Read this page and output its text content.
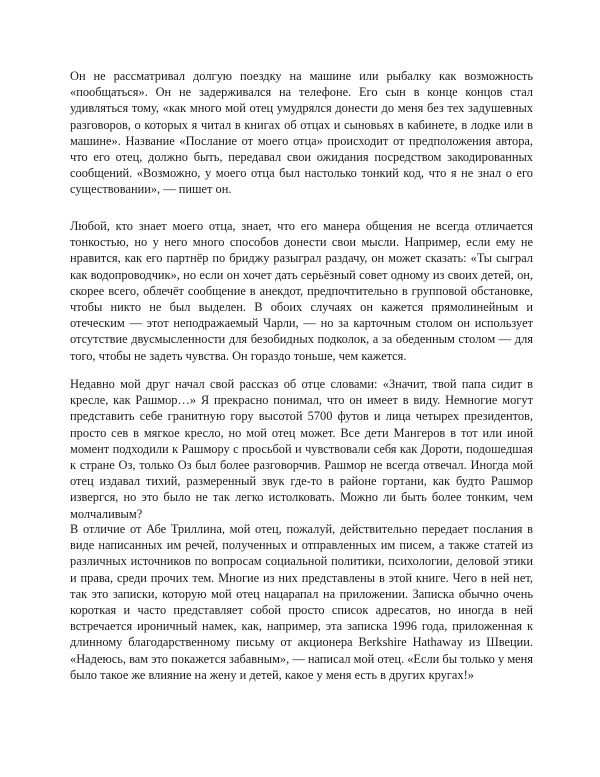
Он не рассматривал долгую поездку на машине или рыбалку как возможность «пообщаться». Он не задерживался на телефоне. Его сын в конце концов стал удивляться тому, «как много мой отец умудрялся донести до меня без тех задушевных разговоров, о которых я читал в книгах об отцах и сыновьях в кабинете, в лодке или в машине». Название «Послание от моего отца» происходит от предположения автора, что его отец, должно быть, передавал свои ожидания посредством закодированных сообщений. «Возможно, у моего отца был настолько тонкий код, что я не знал о его существовании», — пишет он.

Любой, кто знает моего отца, знает, что его манера общения не всегда отличается тонкостью, но у него много способов донести свои мысли. Например, если ему не нравится, как его партнёр по бриджу разыграл раздачу, он может сказать: «Ты сыграл как водопроводчик», но если он хочет дать серьёзный совет одному из своих детей, он, скорее всего, облечёт сообщение в анекдот, предпочтительно в групповой обстановке, чтобы никто не был выделен. В обоих случаях он кажется прямолинейным и отеческим — этот неподражаемый Чарли, — но за карточным столом он использует отсутствие двусмысленности для безобидных подколок, а за обеденным столом — для того, чтобы не задеть чувства. Он гораздо тоньше, чем кажется.

Недавно мой друг начал свой рассказ об отце словами: «Значит, твой папа сидит в кресле, как Рашмор…» Я прекрасно понимал, что он имеет в виду. Немногие могут представить себе гранитную гору высотой 5700 футов и лица четырех президентов, просто сев в мягкое кресло, но мой отец может. Все дети Мангеров в тот или иной момент подходили к Рашмору с просьбой и чувствовали себя как Дороти, подошедшая к стране Оз, только Оз был более разговорчив. Рашмор не всегда отвечал. Иногда мой отец издавал тихий, размеренный звук где-то в районе гортани, как будто Рашмор извергся, но это было не так легко истолковать. Можно ли быть более тонким, чем молчаливым?

В отличие от Абе Триллина, мой отец, пожалуй, действительно передает послания в виде написанных им речей, полученных и отправленных им писем, а также статей из различных источников по вопросам социальной политики, психологии, деловой этики и права, среди прочих тем. Многие из них представлены в этой книге. Чего в ней нет, так это записки, которую мой отец нацарапал на приложении. Записка обычно очень короткая и часто представляет собой просто список адресатов, но иногда в ней встречается ироничный намек, как, например, эта записка 1996 года, приложенная к длинному благодарственному письму от акционера Berkshire Hathaway из Швеции. «Надеюсь, вам это покажется забавным», — написал мой отец. «Если бы только у меня было такое же влияние на жену и детей, какое у меня есть в других кругах!»
